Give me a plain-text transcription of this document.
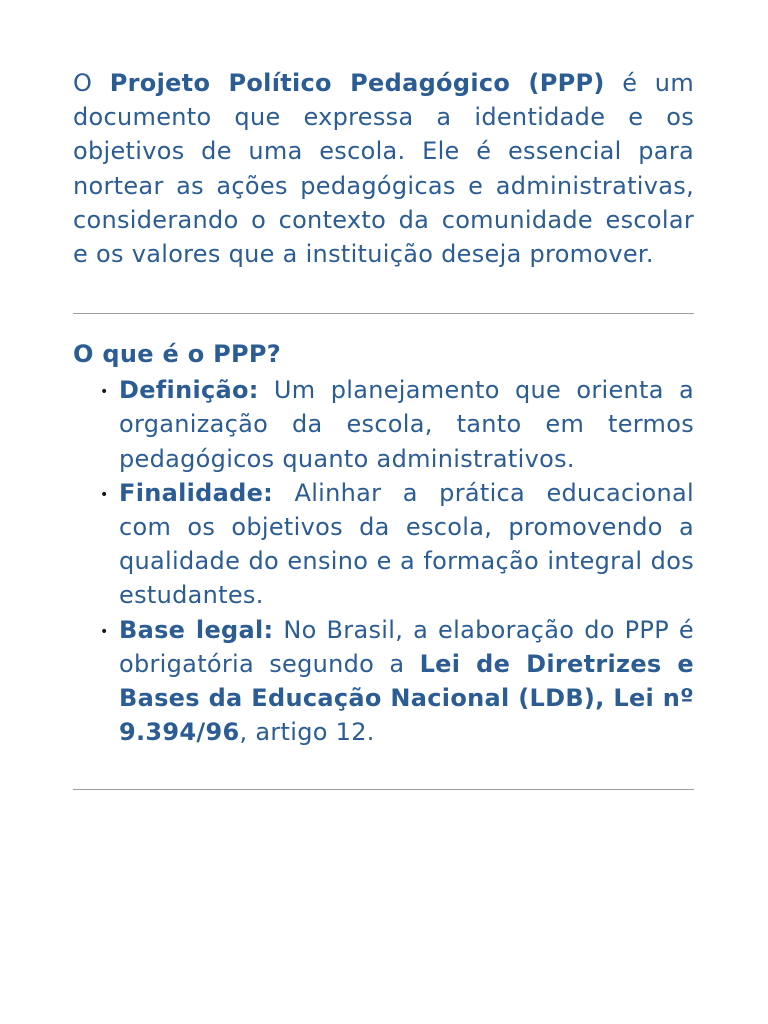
O Projeto Político Pedagógico (PPP) é um documento que expressa a identidade e os objetivos de uma escola. Ele é essencial para nortear as ações pedagógicas e administrativas, considerando o contexto da comunidade escolar e os valores que a instituição deseja promover.

O que é o PPP?
• Definição: Um planejamento que orienta a organização da escola, tanto em termos pedagógicos quanto administrativos.
• Finalidade: Alinhar a prática educacional com os objetivos da escola, promovendo a qualidade do ensino e a formação integral dos estudantes.
• Base legal: No Brasil, a elaboração do PPP é obrigatória segundo a Lei de Diretrizes e Bases da Educação Nacional (LDB), Lei nº 9.394/96, artigo 12.
